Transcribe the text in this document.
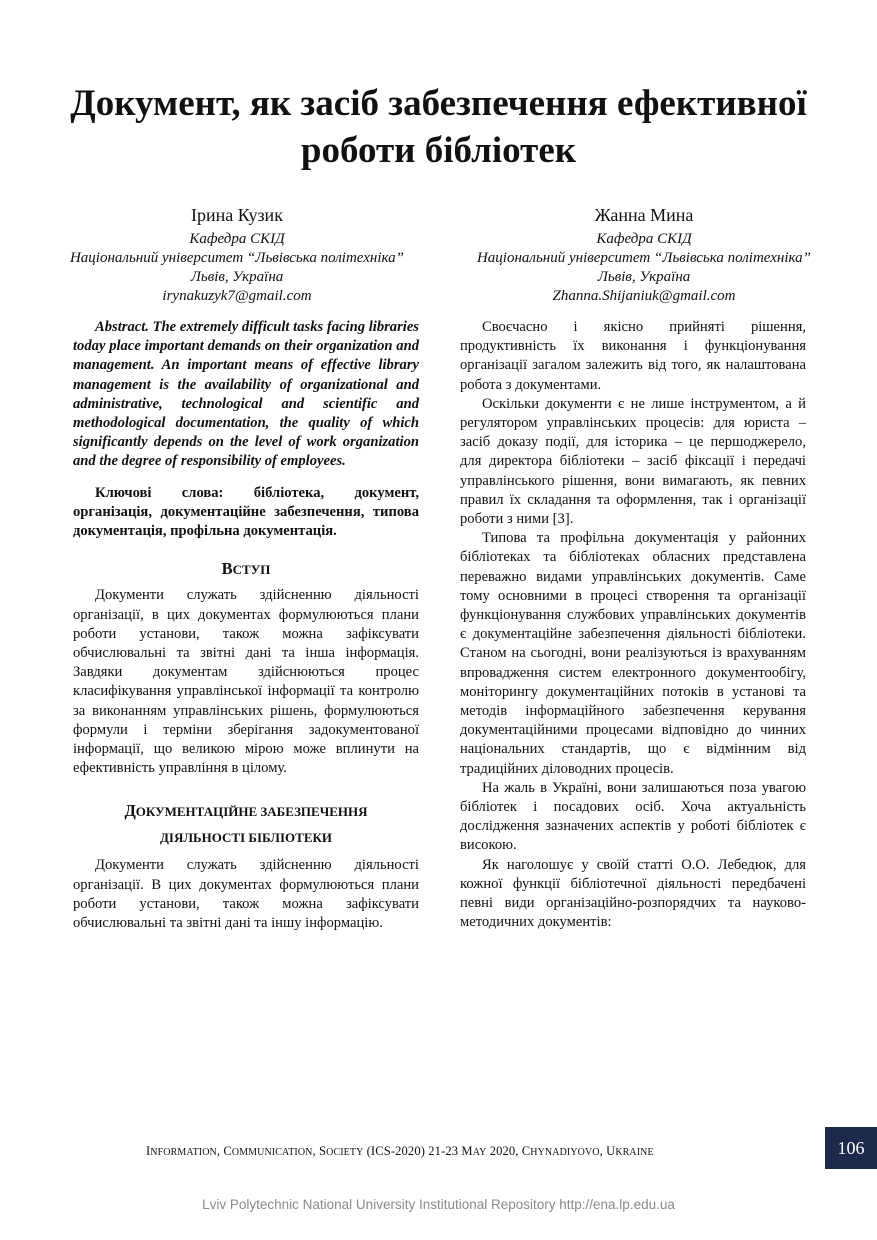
Документ, як засіб забезпечення ефективної
роботи бібліотек
Ірина Кузик
Кафедра СКІД
Національний університет “Львівська політехніка”
Львів, Україна
irynakuzyk7@gmail.com
Жанна Мина
Кафедра СКІД
Національний університет “Львівська політехніка”
Львів, Україна
Zhanna.Shijaniuk@gmail.com

Abstract. The extremely difficult tasks facing libraries today place important demands on their organization and management. An important means of effective library management is the availability of organizational and administrative, technological and scientific and methodological documentation, the quality of which significantly depends on the level of work organization and the degree of responsibility of employees.

Ключові слова: бібліотека, документ, організація, документаційне забезпечення, типова документація, профільна документація.

ВСТУП

Документи служать здійсненню діяльності організації, в цих документах формулюються плани роботи установи, також можна зафіксувати обчислювальні та звітні дані та інша інформація. Завдяки документам здійснюються процес класифікування управлінської інформації та контролю за виконанням управлінських рішень, формулюються формули і терміни зберігання задокументованої інформації, що великою мірою може вплинути на ефективність управління в цілому.

ДОКУМЕНТАЦІЙНЕ ЗАБЕЗПЕЧЕННЯ
ДІЯЛЬНОСТІ БІБЛІОТЕКИ

Документи служать здійсненню діяльності організації. В цих документах формулюються плани роботи установи, також можна зафіксувати обчислювальні та звітні дані та іншу інформацію.

Своєчасно і якісно прийняті рішення, продуктивність їх виконання і функціонування організації загалом залежить від того, як налаштована робота з документами.

Оскільки документи є не лише інструментом, а й регулятором управлінських процесів: для юриста – засіб доказу події, для історика – це першоджерело, для директора бібліотеки – засіб фіксації і передачі управлінського рішення, вони вимагають, як певних правил їх складання та оформлення, так і організації роботи з ними [3].

Типова та профільна документація у районних бібліотеках та бібліотеках обласних представлена переважно видами управлінських документів. Саме тому основними в процесі створення та організації функціонування службових управлінських документів є документаційне забезпечення діяльності бібліотеки. Станом на сьогодні, вони реалізуються із врахуванням впровадження систем електронного документообігу, моніторингу документаційних потоків в установі та методів інформаційного забезпечення керування документаційними процесами відповідно до чинних національних стандартів, що є відмінним від традиційних діловодних процесів.

На жаль в Україні, вони залишаються поза увагою бібліотек і посадових осіб. Хоча актуальність дослідження зазначених аспектів у роботі бібліотек є високою.

Як наголошує у своїй статті О.О. Лебедюк, для кожної функції бібліотечної діяльності передбачені певні види організаційно-розпорядчих та науково-методичних документів:

INFORMATION, COMMUNICATION, SOCIETY (ICS-2020) 21-23 MAY 2020, CHYNADIYOVO, UKRAINE	106
Lviv Polytechnic National University Institutional Repository http://ena.lp.edu.ua
